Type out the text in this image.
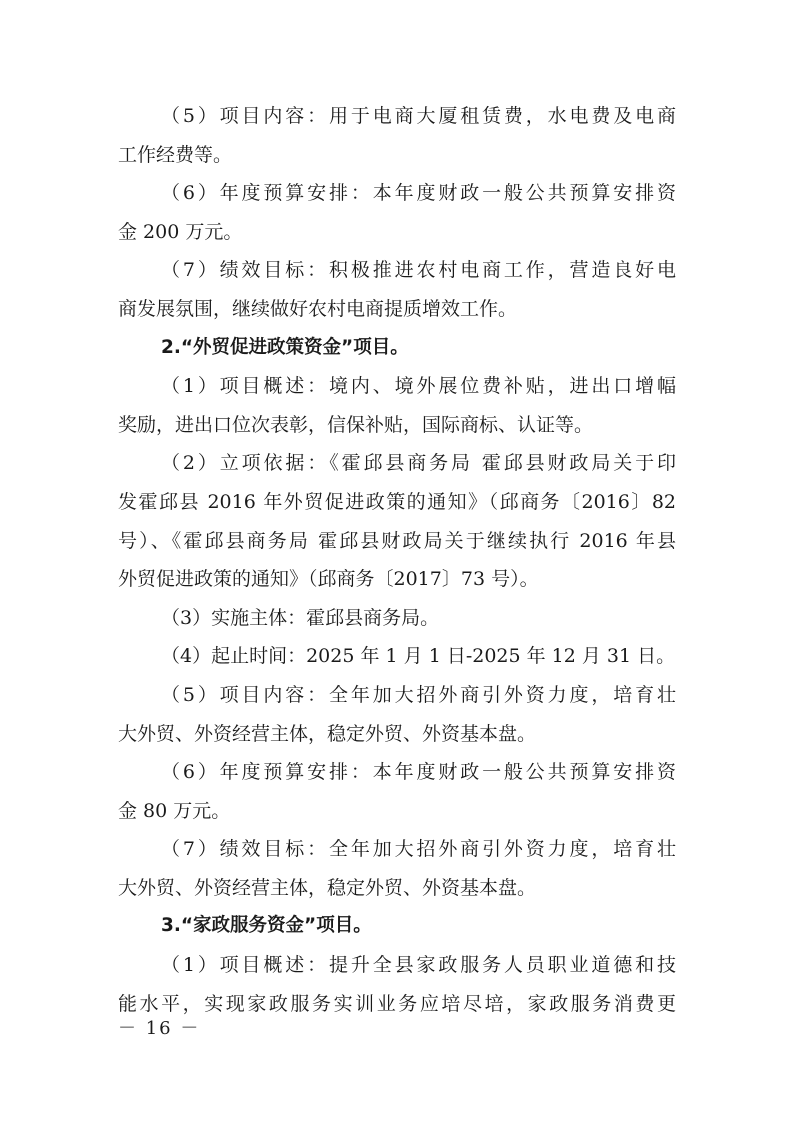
（5）项目内容：用于电商大厦租赁费，水电费及电商
工作经费等。
（6）年度预算安排：本年度财政一般公共预算安排资
金 200 万元。
（7）绩效目标：积极推进农村电商工作，营造良好电
商发展氛围，继续做好农村电商提质增效工作。
2.“外贸促进政策资金”项目。
（1）项目概述：境内、境外展位费补贴，进出口增幅
奖励，进出口位次表彰，信保补贴，国际商标、认证等。
（2）立项依据：《霍邱县商务局 霍邱县财政局关于印
发霍邱县 2016 年外贸促进政策的通知》（邱商务〔2016〕82
号）、《霍邱县商务局 霍邱县财政局关于继续执行 2016 年县
外贸促进政策的通知》（邱商务〔2017〕73 号）。
（3）实施主体：霍邱县商务局。
（4）起止时间：2025 年 1 月 1 日-2025 年 12 月 31 日。
（5）项目内容：全年加大招外商引外资力度，培育壮
大外贸、外资经营主体，稳定外贸、外资基本盘。
（6）年度预算安排：本年度财政一般公共预算安排资
金 80 万元。
（7）绩效目标：全年加大招外商引外资力度，培育壮
大外贸、外资经营主体，稳定外贸、外资基本盘。
3.“家政服务资金”项目。
（1）项目概述：提升全县家政服务人员职业道德和技
能水平，实现家政服务实训业务应培尽培，家政服务消费更
－ 16 －
